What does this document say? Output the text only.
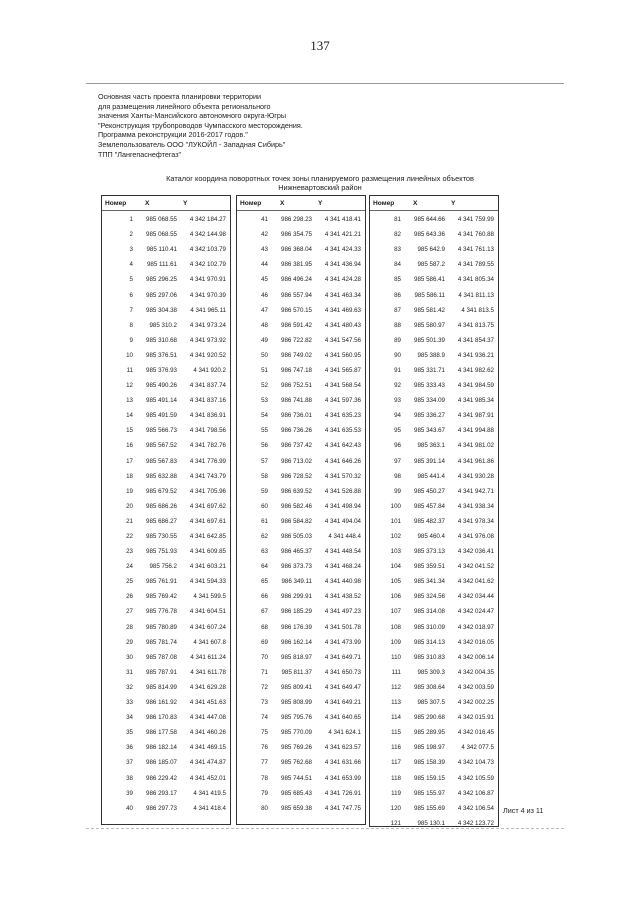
137
Основная часть проекта планировки территории
для размещения линейного объекта регионального
значения Ханты-Мансийского автономного округа-Югры
"Реконструкция трубопроводов Чумпасского месторождения.
Программа реконструкции 2016-2017 годов."
Землепользователь ООО "ЛУКОЙЛ - Западная Сибирь"
ТПП "Лангепаснефтегаз"
Каталог координа поворотных точек зоны планируемого размещения линейных объектов
Нижневартовский район
Номер	X	Y
1	985 068.55	4 342 184.27
2	985 068.55	4 342 144.98
3	985 110.41	4 342 103.79
4	985 111.61	4 342 102.79
5	985 296.25	4 341 970.91
6	985 297.06	4 341 970.39
7	985 304.38	4 341 965.11
8	985 310.2	4 341 973.24
9	985 310.68	4 341 973.92
10	985 376.51	4 341 920.52
11	985 376.93	4 341 920.2
12	985 490.26	4 341 837.74
13	985 491.14	4 341 837.16
14	985 491.59	4 341 836.91
15	985 566.73	4 341 798.56
16	985 567.52	4 341 782.76
17	985 567.83	4 341 776.99
18	985 632.88	4 341 743.79
19	985 679.52	4 341 705.96
20	985 686.26	4 341 697.62
21	985 686.27	4 341 697.61
22	985 730.55	4 341 642.85
23	985 751.93	4 341 609.85
24	985 756.2	4 341 603.21
25	985 761.91	4 341 594.33
26	985 769.42	4 341 599.5
27	985 776.78	4 341 604.51
28	985 780.89	4 341 607.24
29	985 781.74	4 341 607.8
30	985 787.08	4 341 611.24
31	985 787.91	4 341 611.78
32	985 814.99	4 341 629.28
33	986 161.92	4 341 451.63
34	986 170.83	4 341 447.08
35	986 177.58	4 341 460.26
36	986 182.14	4 341 469.15
37	986 185.07	4 341 474.87
38	986 229.42	4 341 452.01
39	986 293.17	4 341 419.5
40	986 297.73	4 341 418.4
Номер	X	Y
41	986 298.23	4 341 418.41
42	986 354.75	4 341 421.21
43	986 368.04	4 341 424.33
44	986 381.95	4 341 436.94
45	986 496.24	4 341 424.28
46	986 557.94	4 341 463.34
47	986 570.15	4 341 469.63
48	986 591.42	4 341 480.43
49	986 722.82	4 341 547.56
50	986 749.02	4 341 560.95
51	986 747.18	4 341 565.87
52	986 752.51	4 341 568.54
53	986 741.88	4 341 597.36
54	986 736.01	4 341 635.23
55	986 736.26	4 341 635.53
56	986 737.42	4 341 642.43
57	986 713.02	4 341 646.26
58	986 728.52	4 341 570.32
59	986 639.52	4 341 526.88
60	986 582.46	4 341 498.94
61	986 584.82	4 341 494.04
62	986 505.03	4 341 448.4
63	986 465.37	4 341 448.54
64	986 373.73	4 341 468.24
65	986 349.11	4 341 440.98
66	986 299.91	4 341 438.52
67	986 185.29	4 341 497.23
68	986 176.39	4 341 501.78
69	986 162.14	4 341 473.99
70	985 818.97	4 341 649.71
71	985 811.37	4 341 650.73
72	985 809.41	4 341 649.47
73	985 808.99	4 341 649.21
74	985 795.76	4 341 640.65
75	985 770.09	4 341 624.1
76	985 769.26	4 341 623.57
77	985 762.68	4 341 631.66
78	985 744.51	4 341 653.99
79	985 685.43	4 341 726.91
80	985 659.38	4 341 747.75
Номер	X	Y
81	985 644.66	4 341 759.99
82	985 643.36	4 341 760.88
83	985 642.9	4 341 761.13
84	985 587.2	4 341 789.55
85	985 586.41	4 341 805.34
86	985 586.11	4 341 811.13
87	985 581.42	4 341 813.5
88	985 580.97	4 341 813.75
89	985 501.39	4 341 854.37
90	985 388.9	4 341 936.21
91	985 331.71	4 341 982.62
92	985 333.43	4 341 984.59
93	985 334.09	4 341 985.34
94	985 336.27	4 341 987.91
95	985 343.67	4 341 994.88
96	985 363.1	4 341 981.02
97	985 391.14	4 341 961.86
98	985 441.4	4 341 930.28
99	985 450.27	4 341 942.71
100	985 457.84	4 341 938.34
101	985 482.37	4 341 978.34
102	985 460.4	4 341 976.08
103	985 373.13	4 342 036.41
104	985 359.51	4 342 041.52
105	985 341.34	4 342 041.62
106	985 324.56	4 342 034.44
107	985 314.08	4 342 024.47
108	985 310.09	4 342 018.97
109	985 314.13	4 342 016.05
110	985 310.83	4 342 006.14
111	985 309.3	4 342 004.35
112	985 308.64	4 342 003.59
113	985 307.5	4 342 002.25
114	985 290.68	4 342 015.91
115	985 289.95	4 342 016.45
116	985 198.97	4 342 077.5
117	985 158.39	4 342 104.73
118	985 159.15	4 342 105.59
119	985 155.97	4 342 106.87
120	985 155.69	4 342 106.54
121	985 130.1	4 342 123.72
Лист 4 из 11
